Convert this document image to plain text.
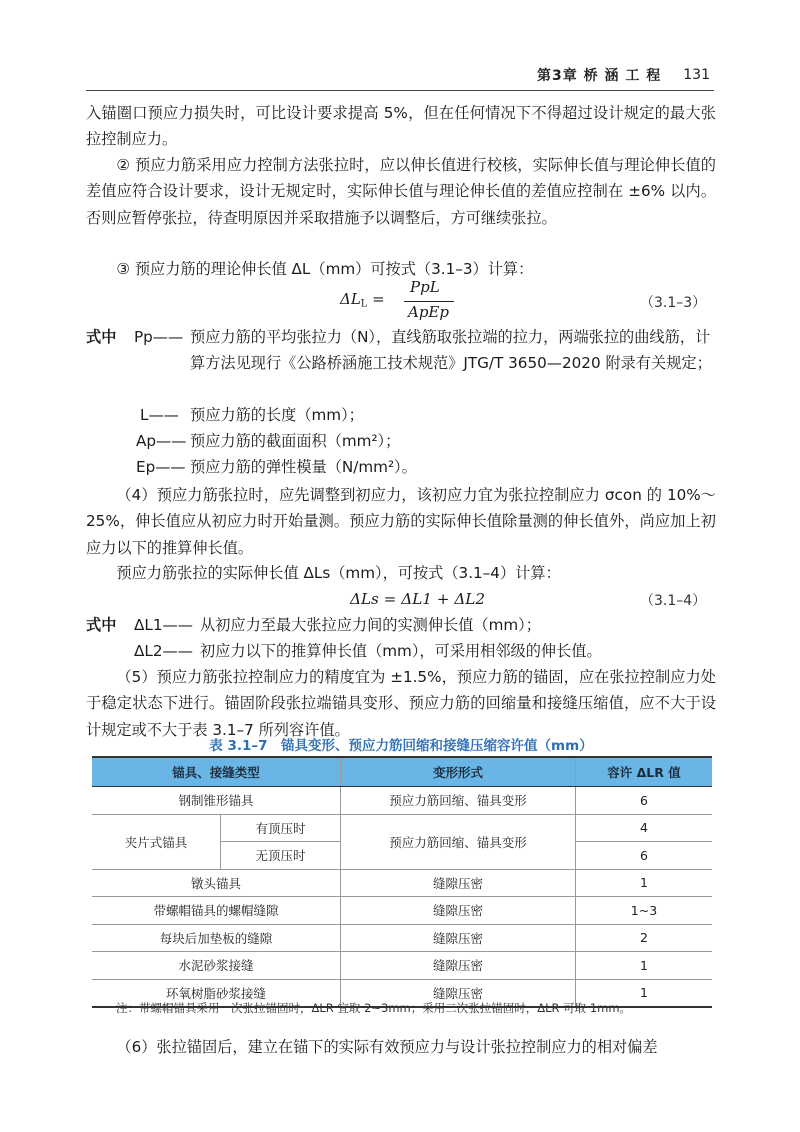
第3章 桥 涵 工 程 131
入锚圈口预应力损失时，可比设计要求提高 5%，但在任何情况下不得超过设计规定的最大张拉控制应力。
② 预应力筋采用应力控制方法张拉时，应以伸长值进行校核，实际伸长值与理论伸长值的差值应符合设计要求，设计无规定时，实际伸长值与理论伸长值的差值应控制在 ±6% 以内。否则应暂停张拉，待查明原因并采取措施予以调整后，方可继续张拉。
③ 预应力筋的理论伸长值 ΔL（mm）可按式（3.1–3）计算：
$\Delta L_L$ =
PpL
ApEp	（3.1–3）
式中 Pp—— 预应力筋的平均张拉力（N），直线筋取张拉端的拉力，两端张拉的曲线筋，计算方法见现行《公路桥涵施工技术规范》JTG/T 3650—2020 附录有关规定；
L—— 预应力筋的长度（mm）；
Ap—— 预应力筋的截面面积（mm²）；
Ep—— 预应力筋的弹性模量（N/mm²）。
（4）预应力筋张拉时，应先调整到初应力，该初应力宜为张拉控制应力 σcon 的 10%～25%，伸长值应从初应力时开始量测。预应力筋的实际伸长值除量测的伸长值外，尚应加上初应力以下的推算伸长值。
预应力筋张拉的实际伸长值 ΔLs（mm），可按式（3.1–4）计算：
ΔLs = ΔL1 + ΔL2	（3.1–4）
式中 ΔL1—— 从初应力至最大张拉应力间的实测伸长值（mm）；
ΔL2—— 初应力以下的推算伸长值（mm），可采用相邻级的伸长值。
（5）预应力筋张拉控制应力的精度宜为 ±1.5%，预应力筋的锚固，应在张拉控制应力处于稳定状态下进行。锚固阶段张拉端锚具变形、预应力筋的回缩量和接缝压缩值，应不大于设计规定或不大于表 3.1–7 所列容许值。
表 3.1–7　锚具变形、预应力筋回缩和接缝压缩容许值（mm）
锚具、接缝类型		变形形式	容许 ΔLR 值
钢制锥形锚具		预应力筋回缩、锚具变形	6
夹片式锚具	有顶压时	预应力筋回缩、锚具变形	4
	无顶压时		6
镦头锚具		缝隙压密	1
带螺帽锚具的螺帽缝隙		缝隙压密	1~3
每块后加垫板的缝隙		缝隙压密	2
水泥砂浆接缝		缝隙压密	1
环氧树脂砂浆接缝		缝隙压密	1
注：带螺帽锚具采用一次张拉锚固时，ΔLR 宜取 2~3mm；采用二次张拉锚固时，ΔLR 可取 1mm。
（6）张拉锚固后，建立在锚下的实际有效预应力与设计张拉控制应力的相对偏差
